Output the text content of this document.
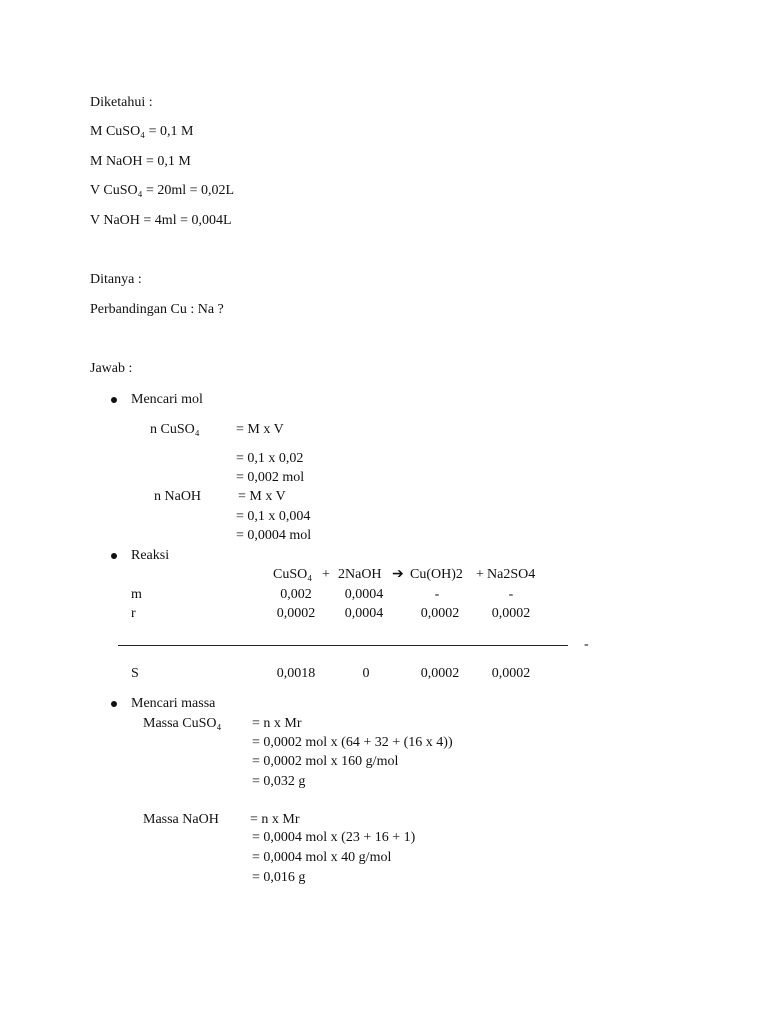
Diketahui :
M CuSO₄ = 0,1 M
M NaOH = 0,1 M
V CuSO₄ = 20ml = 0,02L
V NaOH = 4ml = 0,004L
Ditanya :
Perbandingan Cu : Na ?
Jawab :
Mencari mol
n CuSO₄	= M x V
= 0,1 x 0,02
= 0,002 mol
n NaOH	= M x V
= 0,1 x 0,004
= 0,0004 mol
Reaksi
CuSO₄ + 2NaOH ➔ Cu(OH)2 + Na2SO4
m	0,002	0,0004	-	-
r	0,0002	0,0004	0,0002	0,0002
-
S	0,0018	0	0,0002	0,0002
Mencari massa
Massa CuSO₄ = n x Mr
= 0,0002 mol x (64 + 32 + (16 x 4))
= 0,0002 mol x 160 g/mol
= 0,032 g
Massa NaOH = n x Mr
= 0,0004 mol x (23 + 16 + 1)
= 0,0004 mol x 40 g/mol
= 0,016 g
